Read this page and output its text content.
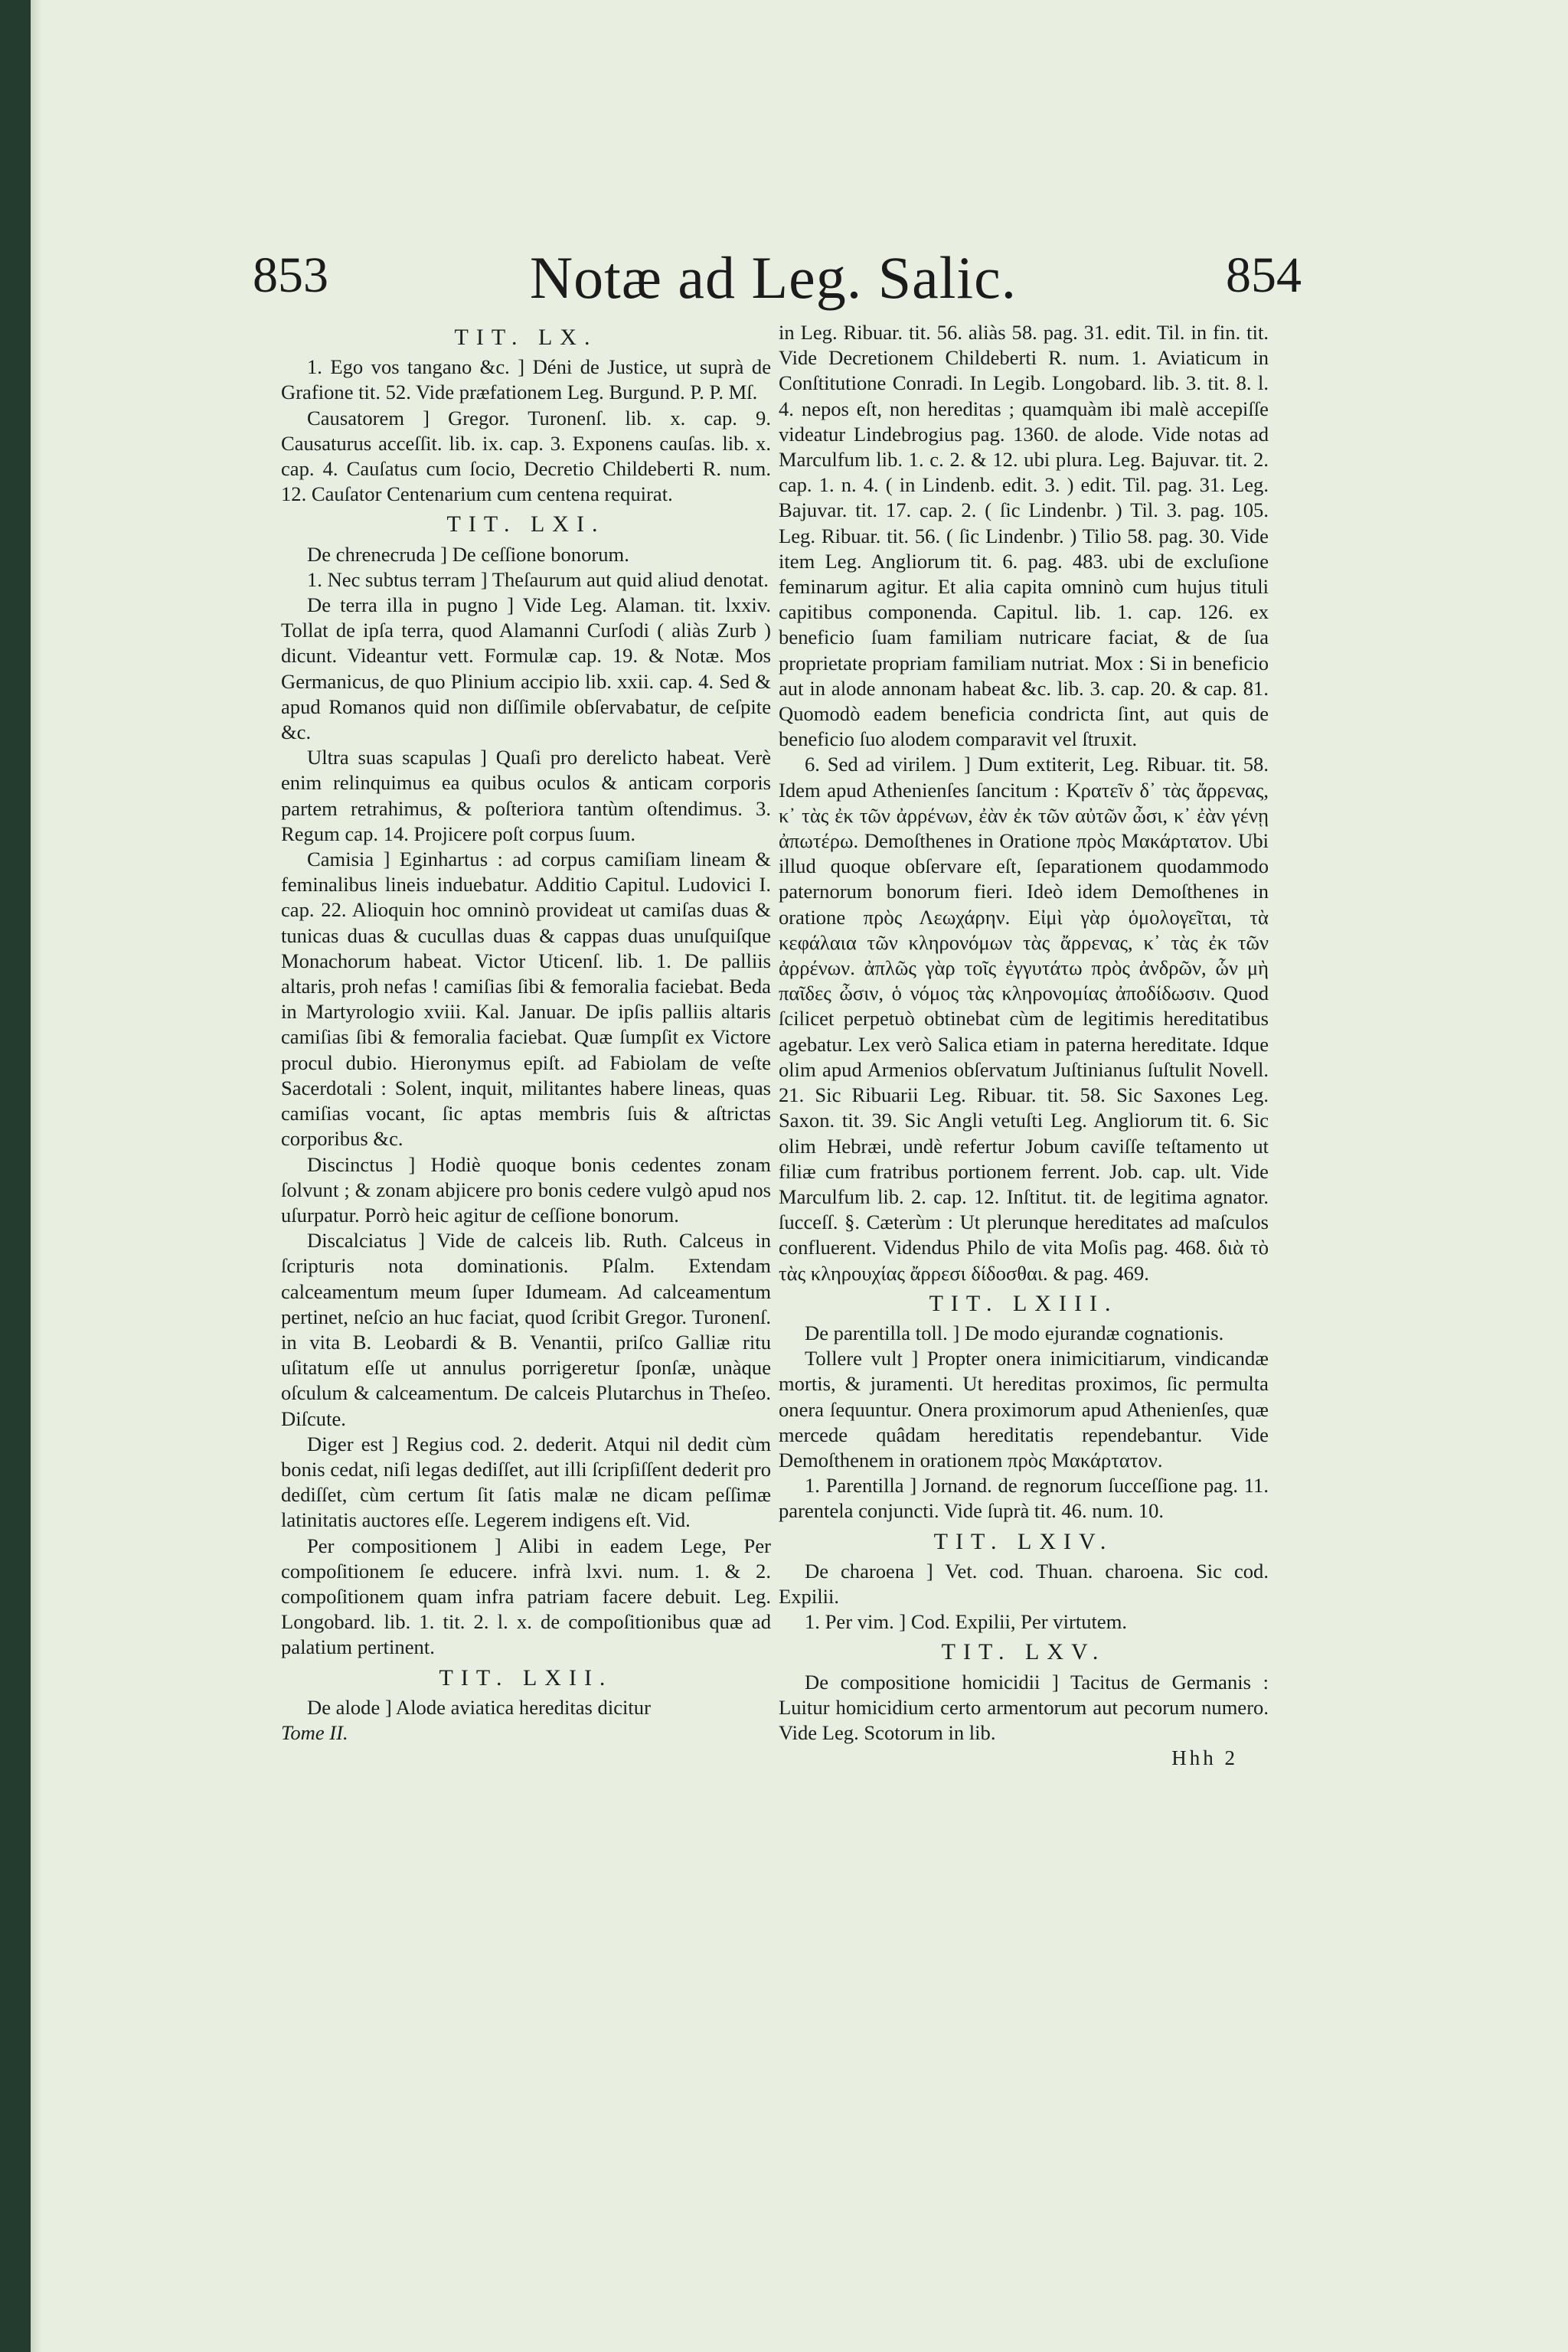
853	Notæ ad Leg. Salic.	854
TIT. LX.

1. Ego vos tangano &c. ] Déni de Justice, ut suprà de Grafione tit. 52. Vide præfationem Leg. Burgund. P. P. Mſ.

Causatorem ] Gregor. Turonenſ. lib. x. cap. 9. Causaturus acceſſit. lib. ix. cap. 3. Exponens cauſas. lib. x. cap. 4. Cauſatus cum ſocio, Decretio Childeberti R. num. 12. Cauſator Centenarium cum centena requirat.

TIT. LXI.

De chrenecruda ] De ceſſione bonorum.

1. Nec subtus terram ] Theſaurum aut quid aliud denotat.

De terra illa in pugno ] Vide Leg. Alaman. tit. lxxiv. Tollat de ipſa terra, quod Alamanni Curſodi ( aliàs Zurb ) dicunt. Videantur vett. Formulæ cap. 19. & Notæ. Mos Germanicus, de quo Plinium accipio lib. xxii. cap. 4. Sed & apud Romanos quid non diſſimile obſervabatur, de ceſpite &c.

Ultra suas scapulas ] Quaſi pro derelicto habeat. Verè enim relinquimus ea quibus oculos & anticam corporis partem retrahimus, & poſteriora tantùm oſtendimus. 3. Regum cap. 14. Projicere poſt corpus ſuum.

Camisia ] Eginhartus : ad corpus camiſiam lineam & feminalibus lineis induebatur. Additio Capitul. Ludovici I. cap. 22. Alioquin hoc omninò provideat ut camiſas duas & tunicas duas & cucullas duas & cappas duas unuſquiſque Monachorum habeat. Victor Uticenſ. lib. 1. De palliis altaris, proh nefas ! camiſias ſibi & femoralia faciebat. Beda in Martyrologio xviii. Kal. Januar. De ipſis palliis altaris camiſias ſibi & femoralia faciebat. Quæ ſumpſit ex Victore procul dubio. Hieronymus epiſt. ad Fabiolam de veſte Sacerdotali : Solent, inquit, militantes habere lineas, quas camiſias vocant, ſic aptas membris ſuis & aſtrictas corporibus &c.

Discinctus ] Hodiè quoque bonis cedentes zonam ſolvunt ; & zonam abjicere pro bonis cedere vulgò apud nos uſurpatur. Porrò heic agitur de ceſſione bonorum.

Discalciatus ] Vide de calceis lib. Ruth. Calceus in ſcripturis nota dominationis. Pſalm. Extendam calceamentum meum ſuper Idumeam. Ad calceamentum pertinet, neſcio an huc faciat, quod ſcribit Gregor. Turonenſ. in vita B. Leobardi & B. Venantii, priſco Galliæ ritu uſitatum eſſe ut annulus porrigeretur ſponſæ, unàque oſculum & calceamentum. De calceis Plutarchus in Theſeo. Diſcute.

Diger est ] Regius cod. 2. dederit. Atqui nil dedit cùm bonis cedat, niſi legas dediſſet, aut illi ſcripſiſſent dederit pro dediſſet, cùm certum ſit ſatis malæ ne dicam peſſimæ latinitatis auctores eſſe. Legerem indigens eſt. Vid.

Per compositionem ] Alibi in eadem Lege, Per compoſitionem ſe educere. infrà lxvi. num. 1. & 2. compoſitionem quam infra patriam facere debuit. Leg. Longobard. lib. 1. tit. 2. l. x. de compoſitionibus quæ ad palatium pertinent.

TIT. LXII.

De alode ] Alode aviatica hereditas dicitur

Tome II.

in Leg. Ribuar. tit. 56. aliàs 58. pag. 31. edit. Til. in fin. tit. Vide Decretionem Childeberti R. num. 1. Aviaticum in Conſtitutione Conradi. In Legib. Longobard. lib. 3. tit. 8. l. 4. nepos eſt, non hereditas ; quamquàm ibi malè accepiſſe videatur Lindebrogius pag. 1360. de alode. Vide notas ad Marculfum lib. 1. c. 2. & 12. ubi plura. Leg. Bajuvar. tit. 2. cap. 1. n. 4. ( in Lindenb. edit. 3. ) edit. Til. pag. 31. Leg. Bajuvar. tit. 17. cap. 2. ( ſic Lindenbr. ) Til. 3. pag. 105. Leg. Ribuar. tit. 56. ( ſic Lindenbr. ) Tilio 58. pag. 30. Vide item Leg. Angliorum tit. 6. pag. 483. ubi de excluſione feminarum agitur. Et alia capita omninò cum hujus tituli capitibus componenda. Capitul. lib. 1. cap. 126. ex beneficio ſuam familiam nutricare faciat, & de ſua proprietate propriam familiam nutriat. Mox : Si in beneficio aut in alode annonam habeat &c. lib. 3. cap. 20. & cap. 81. Quomodò eadem beneficia condricta ſint, aut quis de beneficio ſuo alodem comparavit vel ſtruxit.

6. Sed ad virilem. ] Dum extiterit, Leg. Ribuar. tit. 58. Idem apud Athenienſes ſancitum : Κρατεῖν δ᾽ τὰς ἄρρενας, κ᾽ τὰς ἐκ τῶν ἀρρένων, ἐὰν ἐκ τῶν αὐτῶν ὦσι, κ᾽ ἐὰν γένῃ ἀπωτέρω. Demoſthenes in Oratione πρὸς Μακάρτατον. Ubi illud quoque obſervare eſt, ſeparationem quodammodo paternorum bonorum fieri. Ideò idem Demoſthenes in oratione πρὸς Λεωχάρην. Εἰμὶ γὰρ ὁμολογεῖται, τὰ κεφάλαια τῶν κληρονόμων τὰς ἄρρενας, κ᾽ τὰς ἐκ τῶν ἀρρένων. ἀπλῶς γὰρ τοῖς ἐγγυτάτω πρὸς ἀνδρῶν, ὧν μὴ παῖδες ὦσιν, ὁ νόμος τὰς κληρονομίας ἀποδίδωσιν. Quod ſcilicet perpetuò obtinebat cùm de legitimis hereditatibus agebatur. Lex verò Salica etiam in paterna hereditate. Idque olim apud Armenios obſervatum Juſtinianus ſuſtulit Novell. 21. Sic Ribuarii Leg. Ribuar. tit. 58. Sic Saxones Leg. Saxon. tit. 39. Sic Angli vetuſti Leg. Angliorum tit. 6. Sic olim Hebræi, undè refertur Jobum caviſſe teſtamento ut filiæ cum fratribus portionem ferrent. Job. cap. ult. Vide Marculfum lib. 2. cap. 12. Inſtitut. tit. de legitima agnator. ſucceſſ. §. Cæterùm : Ut plerunque hereditates ad maſculos confluerent. Videndus Philo de vita Moſis pag. 468. διὰ τὸ τὰς κληρουχίας ἄρρεσι δίδοσθαι. & pag. 469.

TIT. LXIII.

De parentilla toll. ] De modo ejurandæ cognationis.

Tollere vult ] Propter onera inimicitiarum, vindicandæ mortis, & juramenti. Ut hereditas proximos, ſic permulta onera ſequuntur. Onera proximorum apud Athenienſes, quæ mercede quâdam hereditatis rependebantur. Vide Demoſthenem in orationem πρὸς Μακάρτατον.

1. Parentilla ] Jornand. de regnorum ſucceſſione pag. 11. parentela conjuncti. Vide ſuprà tit. 46. num. 10.

TIT. LXIV.

De charoena ] Vet. cod. Thuan. charoena. Sic cod. Expilii.

1. Per vim. ] Cod. Expilii, Per virtutem.

TIT. LXV.

De compositione homicidii ] Tacitus de Germanis : Luitur homicidium certo armentorum aut pecorum numero. Vide Leg. Scotorum in lib.

Hhh 2
